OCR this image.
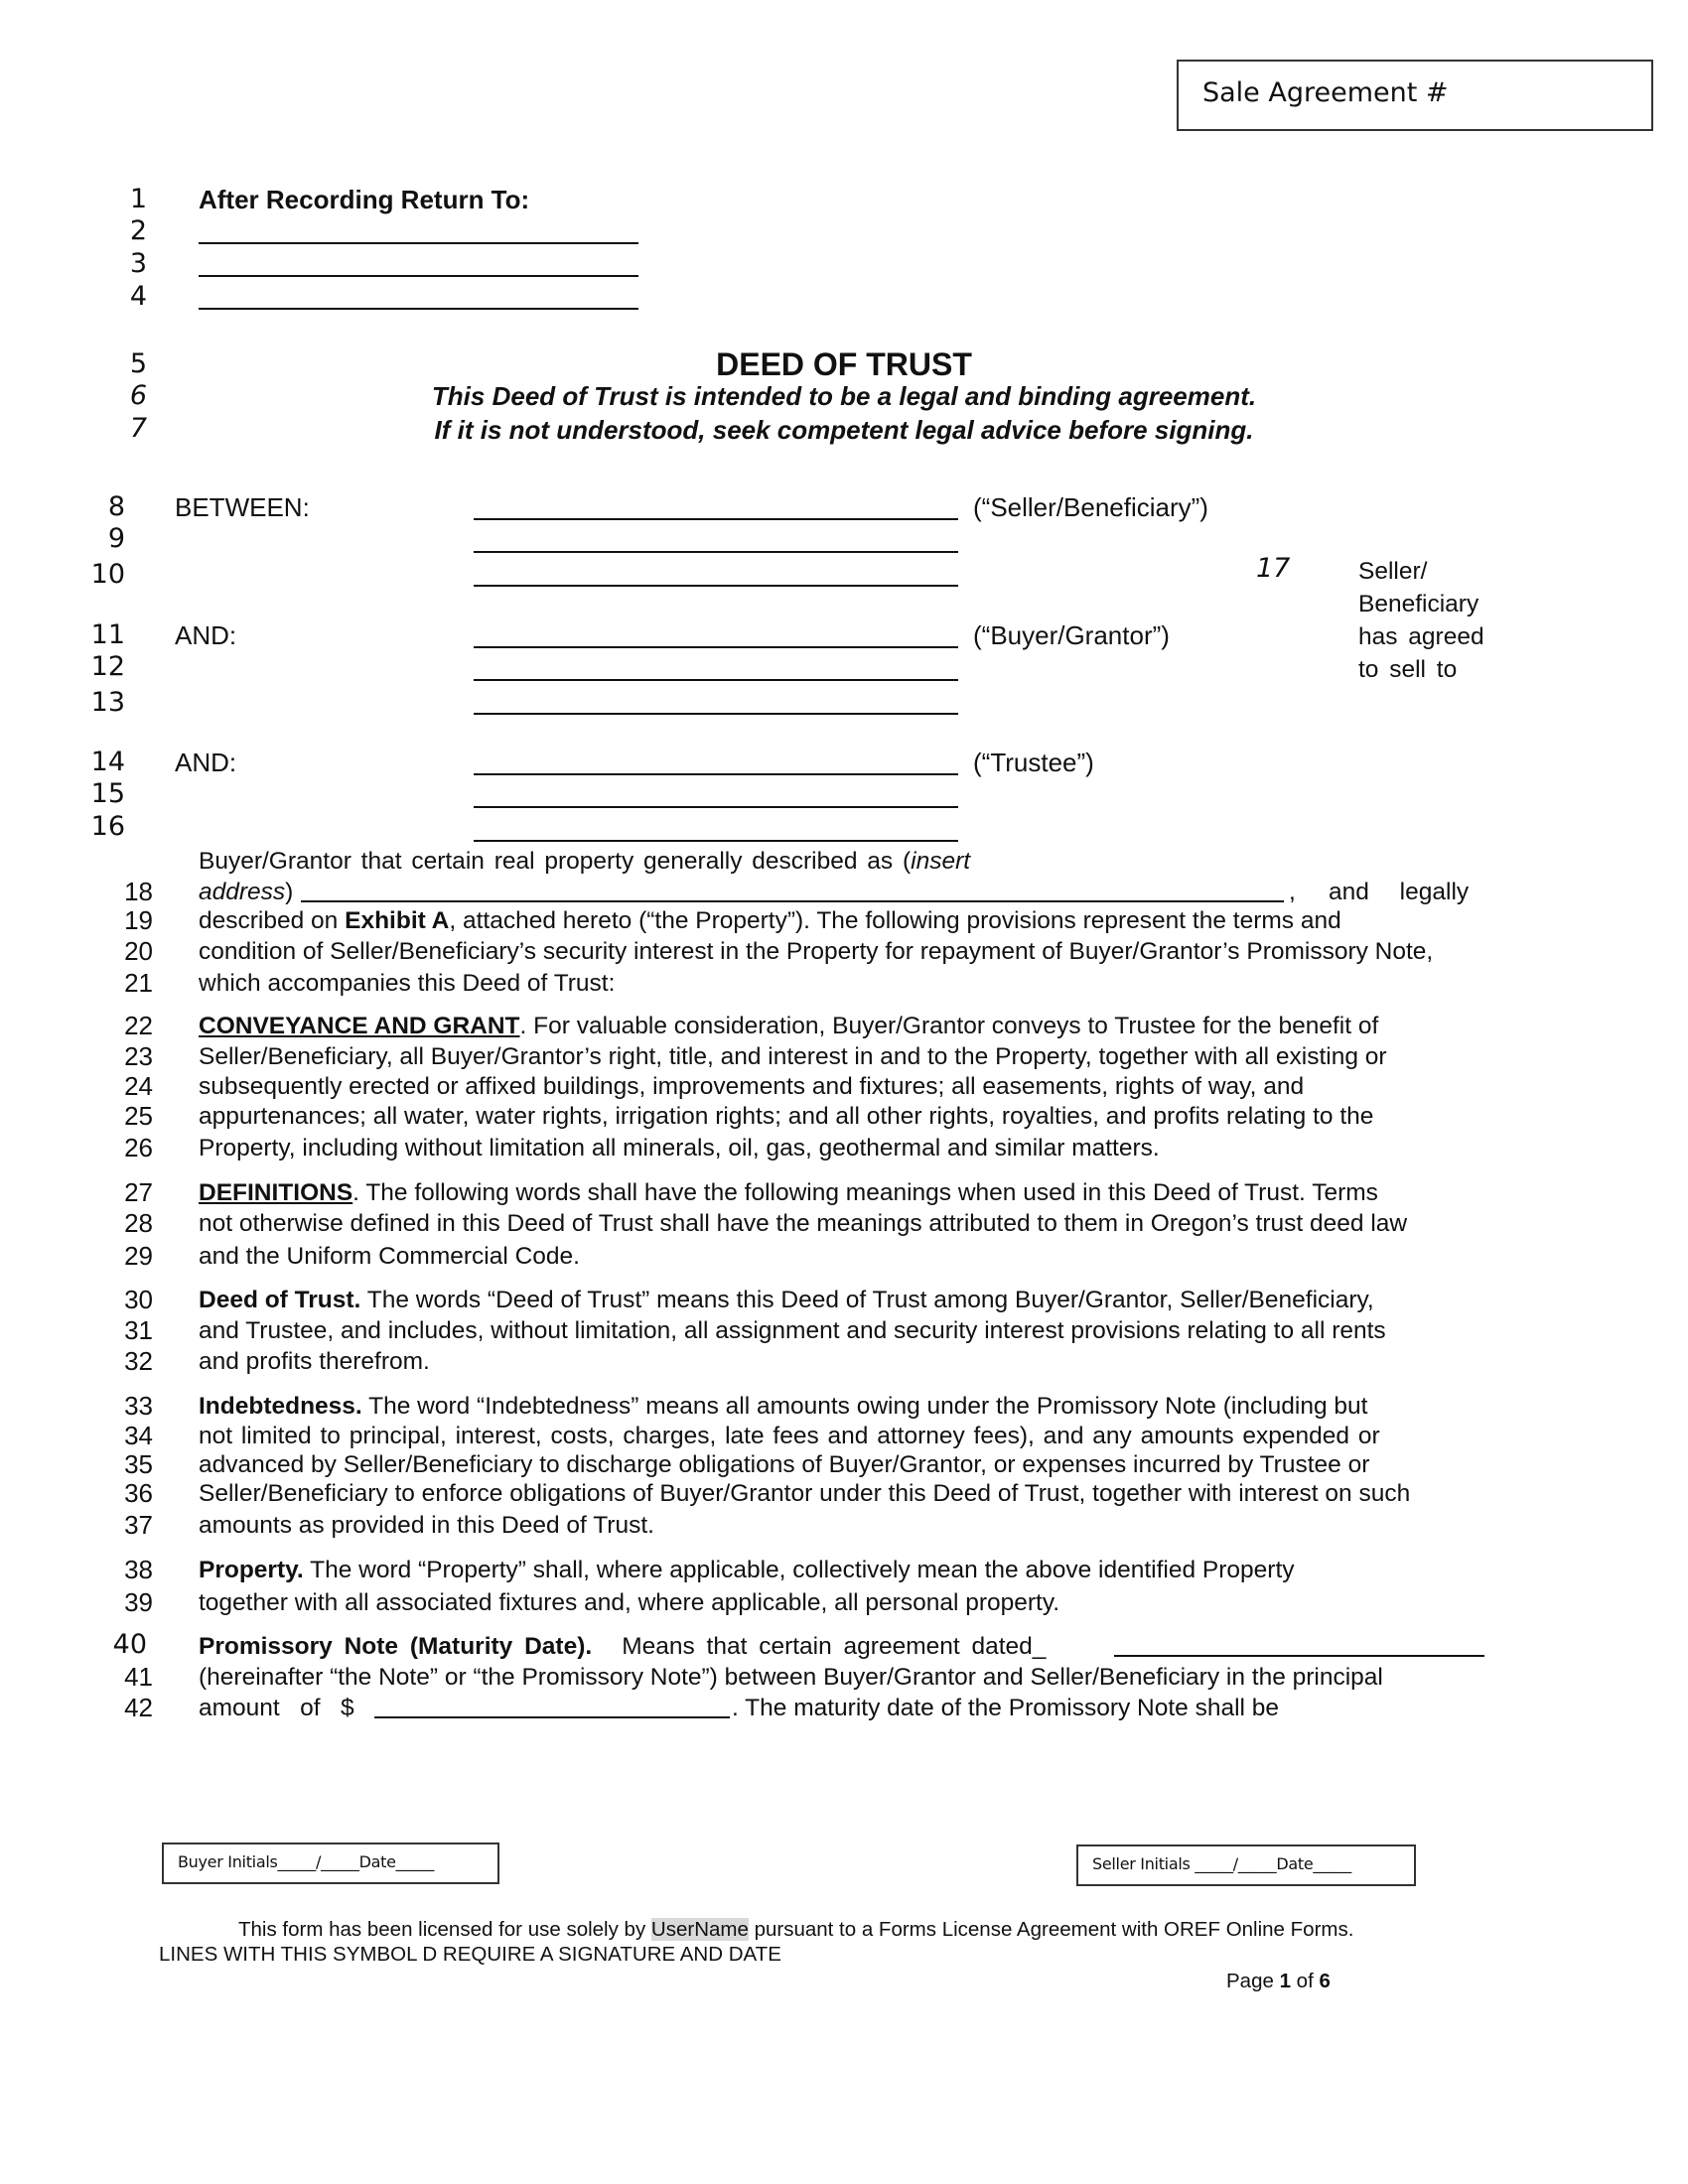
Sale Agreement #
1
2
3
4
5
6
7
8
9
10
11
12
13
14
15
16
17
18
19
20
21
22
23
24
25
26
27
28
29
30
31
32
33
34
35
36
37
38
39
40
41
42
After Recording Return To:
DEED OF TRUST
This Deed of Trust is intended to be a legal and binding agreement.
If it is not understood, seek competent legal advice before signing.
BETWEEN:	(“Seller/Beneficiary”)
AND:	(“Buyer/Grantor”)
AND:	(“Trustee”)
Seller/
Beneficiary
has agreed
to sell to
Buyer/Grantor that certain real property generally described as (insert
address)	, and legally
described on Exhibit A, attached hereto (“the Property”). The following provisions represent the terms and
condition of Seller/Beneficiary’s security interest in the Property for repayment of Buyer/Grantor’s Promissory Note,
which accompanies this Deed of Trust:
CONVEYANCE AND GRANT. For valuable consideration, Buyer/Grantor conveys to Trustee for the benefit of
Seller/Beneficiary, all Buyer/Grantor’s right, title, and interest in and to the Property, together with all existing or
subsequently erected or affixed buildings, improvements and fixtures; all easements, rights of way, and
appurtenances; all water, water rights, irrigation rights; and all other rights, royalties, and profits relating to the
Property, including without limitation all minerals, oil, gas, geothermal and similar matters.
DEFINITIONS. The following words shall have the following meanings when used in this Deed of Trust. Terms
not otherwise defined in this Deed of Trust shall have the meanings attributed to them in Oregon’s trust deed law
and the Uniform Commercial Code.
Deed of Trust. The words “Deed of Trust” means this Deed of Trust among Buyer/Grantor, Seller/Beneficiary,
and Trustee, and includes, without limitation, all assignment and security interest provisions relating to all rents
and profits therefrom.
Indebtedness. The word “Indebtedness” means all amounts owing under the Promissory Note (including but
not limited to principal, interest, costs, charges, late fees and attorney fees), and any amounts expended or
advanced by Seller/Beneficiary to discharge obligations of Buyer/Grantor, or expenses incurred by Trustee or
Seller/Beneficiary to enforce obligations of Buyer/Grantor under this Deed of Trust, together with interest on such
amounts as provided in this Deed of Trust.
Property. The word “Property” shall, where applicable, collectively mean the above identified Property
together with all associated fixtures and, where applicable, all personal property.
Promissory Note (Maturity Date). Means that certain agreement dated_
(hereinafter “the Note” or “the Promissory Note”) between Buyer/Grantor and Seller/Beneficiary in the principal
amount   of   $	. The maturity date of the Promissory Note shall be
Buyer Initials_____/_____Date_____	Seller Initials _____/_____Date_____
This form has been licensed for use solely by UserName pursuant to a Forms License Agreement with OREF Online Forms.
LINES WITH THIS SYMBOL D REQUIRE A SIGNATURE AND DATE
Page 1 of 6
